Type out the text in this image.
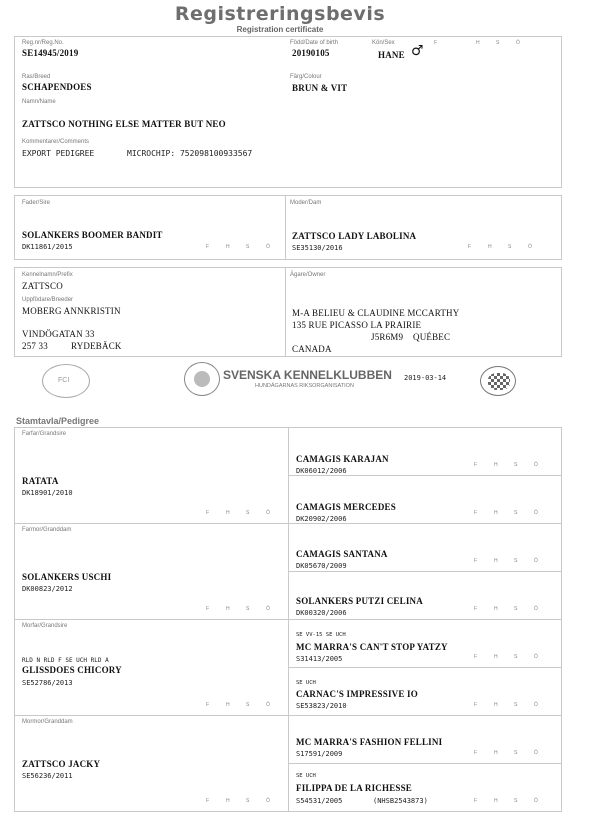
Registreringsbevis
Registration certificate
Reg.nr/Reg.No.
SE14945/2019
Född/Date of birth
20190105
Kön/Sex
HANE ♂ F	H	S	Ö
Ras/Breed
SCHAPENDOES
Färg/Colour
BRUN & VIT
Namn/Name
ZATTSCO NOTHING ELSE MATTER BUT NEO
Kommentarer/Comments
EXPORT PEDIGREE	MICROCHIP: 752098100933567
Fader/Sire
SOLANKERS BOOMER BANDIT
DK11861/2015	F	H	S	Ö
Moder/Dam
ZATTSCO LADY LABOLINA
SE35130/2016	F	H	S	Ö
Kennelnamn/Prefix
ZATTSCO
Uppfödare/Breeder
MOBERG ANNKRISTIN
VINDÖGATAN 33
257 33	RYDEBÄCK
Ägare/Owner
M-A BELIEU & CLAUDINE MCCARTHY
135 RUE PICASSO LA PRAIRIE
J5R6M9 QUÉBEC
CANADA
FCI	SVENSKA KENNELKLUBBEN
HUNDÄGARNAS RIKSORGANISATION
2019-03-14
Stamtavla/Pedigree
Farfar/Grandsire
RATATA
DK18901/2010
F	H	S	Ö
Farmor/Granddam
SOLANKERS USCHI
DK00823/2012
F	H	S	Ö
Morfar/Grandsire
RLD N RLD F SE UCH RLD A
GLISSDOES CHICORY
SE52786/2013
F	H	S	Ö
Mormor/Granddam
ZATTSCO JACKY
SE56236/2011
F	H	S	Ö
CAMAGIS KARAJAN
DK06012/2006
F	H	S	Ö
CAMAGIS MERCEDES
DK20902/2006
F	H	S	Ö
CAMAGIS SANTANA
DK05670/2009
F	H	S	Ö
SOLANKERS PUTZI CELINA
DK00320/2006	F	H	S	Ö
SE VV-15 SE UCH
MC MARRA'S CAN'T STOP YATZY
S31413/2005	F	H	S	Ö
SE UCH
CARNAC'S IMPRESSIVE IO
SE53823/2010	F	H	S	Ö
MC MARRA'S FASHION FELLINI
S17591/2009	F	H	S	Ö
SE UCH
FILIPPA DE LA RICHESSE
S54531/2005	(NHSB2543873)	F	H	S	Ö
